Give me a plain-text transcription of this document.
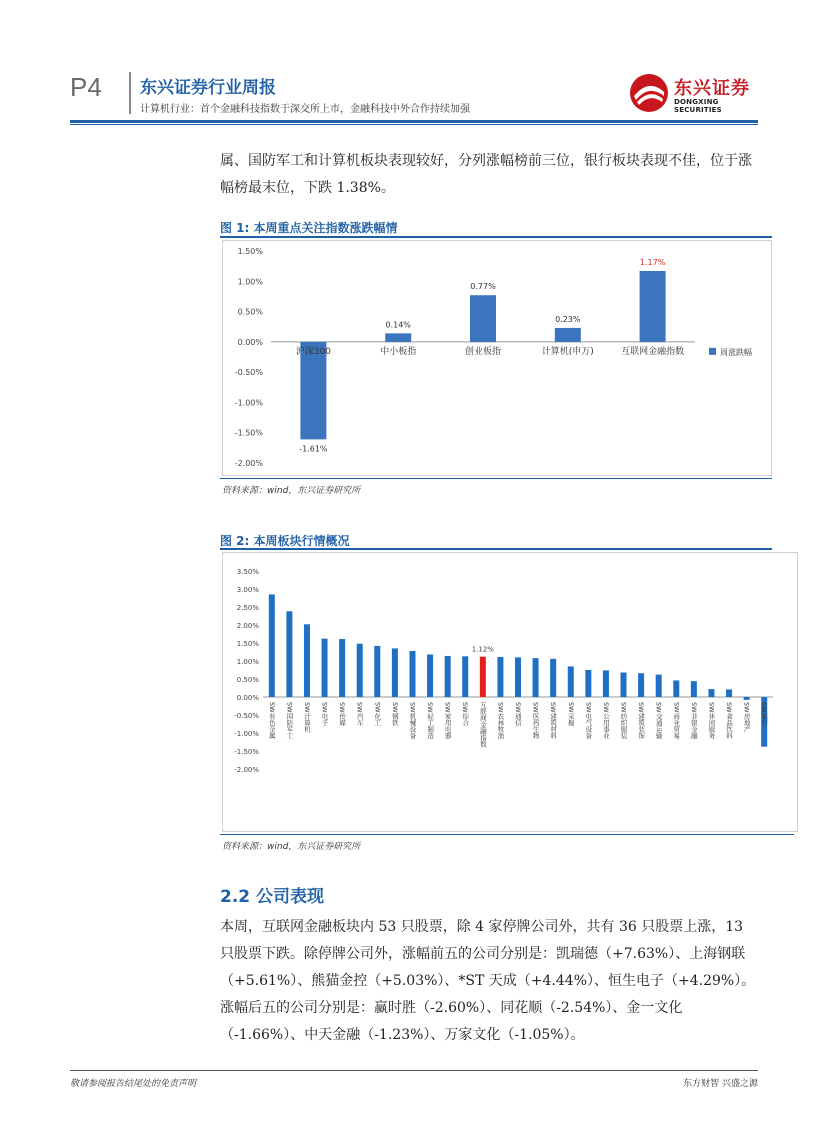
P4 东兴证券行业周报
计算机行业：首个金融科技指数于深交所上市，金融科技中外合作持续加强
东兴证券
DONGXING SECURITIES
属、国防军工和计算机板块表现较好，分列涨幅榜前三位，银行板块表现不佳，位于涨幅榜最末位，下跌 1.38%。
图 1: 本周重点关注指数涨跌幅情
1.50%
1.00%
0.50%
0.00%
-0.50%
-1.00%
-1.50%
-2.00%
沪深300
-1.61%
中小板指
0.14%
创业板指
0.77%
计算机(申万)
0.23%
互联网金融指数
1.17%
周涨跌幅
资料来源：wind，东兴证券研究所
图 2: 本周板块行情概况
3.50%
3.00%
2.50%
2.00%
1.50%
1.00%
0.50%
0.00%
-0.50%
-1.00%
-1.50%
-2.00%
SW有色金属 SW国防军工 SW计算机 SW电子 SW传媒 SW汽车 SW化工 SW钢铁 SW机械设备 SW轻工制造 SW家用电器 SW综合
1.12%
互联网金融指数 SW农林牧渔 SW通信 SW医药生物 SW建筑材料 SW采掘 SW电气设备 SW公用事业 SW纺织服装 SW建筑装饰 SW交通运输 SW商业贸易 SW非银金融 SW休闲服务 SW食品饮料 SW房地产 SW银行
资料来源：wind，东兴证券研究所
2.2 公司表现
本周，互联网金融板块内 53 只股票，除 4 家停牌公司外，共有 36 只股票上涨，13 只股票下跌。除停牌公司外，涨幅前五的公司分别是：凯瑞德（+7.63%）、上海钢联（+5.61%）、熊猫金控（+5.03%）、*ST 天成（+4.44%）、恒生电子（+4.29%）。涨幅后五的公司分别是：赢时胜（-2.60%）、同花顺（-2.54%）、金一文化（-1.66%）、中天金融（-1.23%）、万家文化（-1.05%）。
敬请参阅报告结尾处的免责声明	东方财智 兴盛之源
